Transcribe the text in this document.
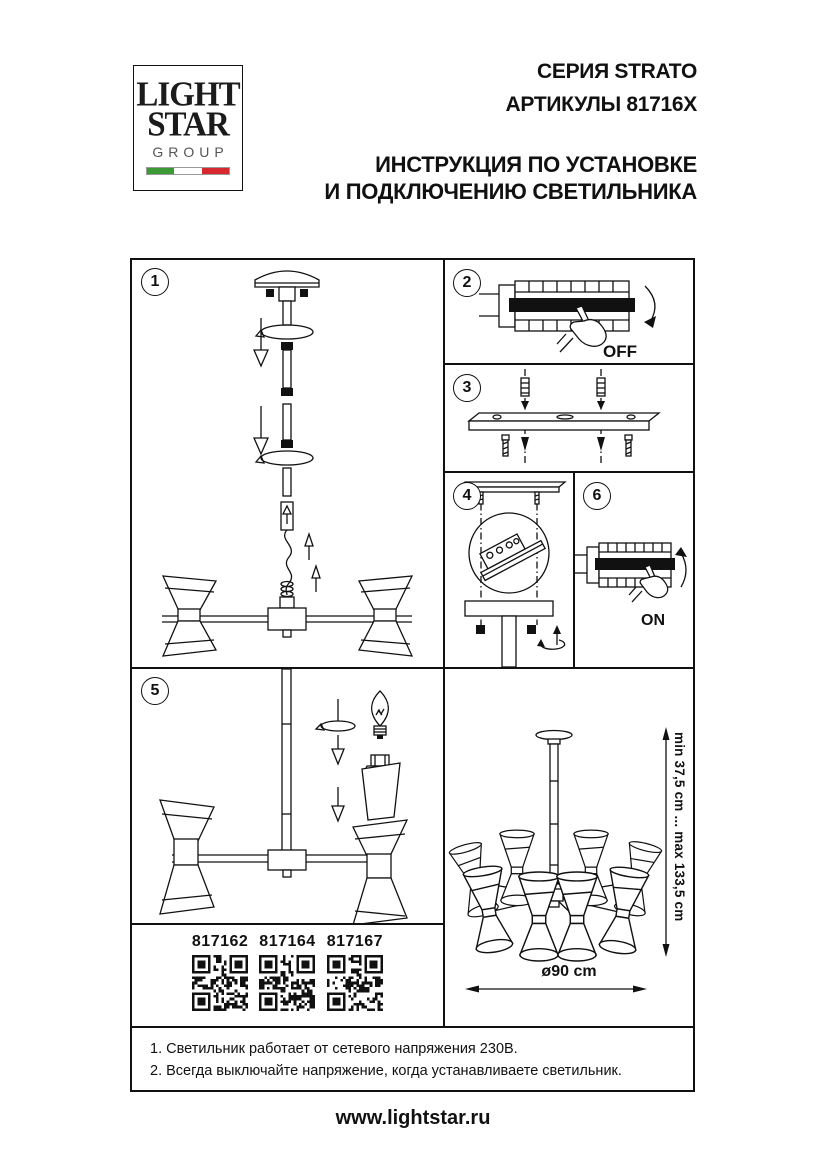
LIGHT
STAR
GROUP
СЕРИЯ STRATO
АРТИКУЛЫ 81716X
ИНСТРУКЦИЯ ПО УСТАНОВКЕ
И ПОДКЛЮЧЕНИЮ СВЕТИЛЬНИКА
1	2
OFF
3
4	6
ON
5
817162 817164 817167
min 37,5 cm ... max 133,5 cm
ø90 cm
1. Светильник работает от сетевого напряжения 230В.
2. Всегда выключайте напряжение, когда устанавливаете светильник.
www.lightstar.ru
